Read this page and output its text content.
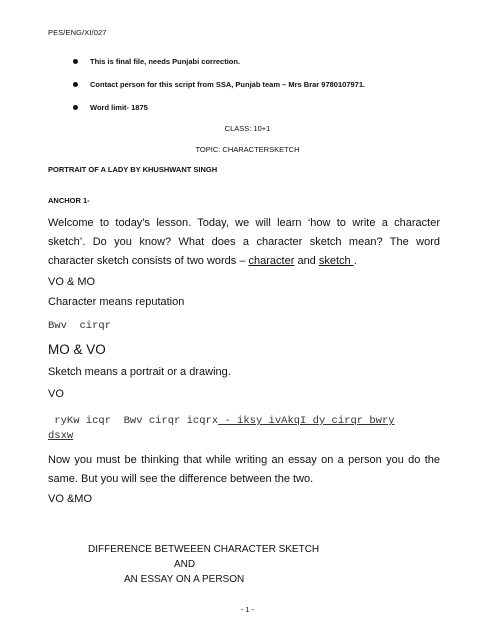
PES/ENG/XI/027
This is final file, needs Punjabi correction.
Contact person for this script from SSA, Punjab team – Mrs Brar 9780107971.
Word limit- 1875
CLASS: 10+1
TOPIC: CHARACTERSKETCH
PORTRAIT OF A LADY BY KHUSHWANT SINGH
ANCHOR 1-
Welcome to today’s lesson. Today, we will learn ‘how to write a character sketch’. Do you know? What does a character sketch mean? The word character sketch consists of two words – character and sketch .
VO & MO
Character means reputation
Bwv  cirqr
MO & VO
Sketch means a portrait or a drawing.
VO
ryKw icqr  Bwv cirqr icqrx - iksy ivAkqI dy cirqr bwry
dsxw
Now you must be thinking that while writing an essay on a person you do the same. But you will see the difference between the two.
VO &MO
DIFFERENCE BETWEEEN CHARACTER SKETCH
AND
AN ESSAY ON A PERSON
- 1 -
